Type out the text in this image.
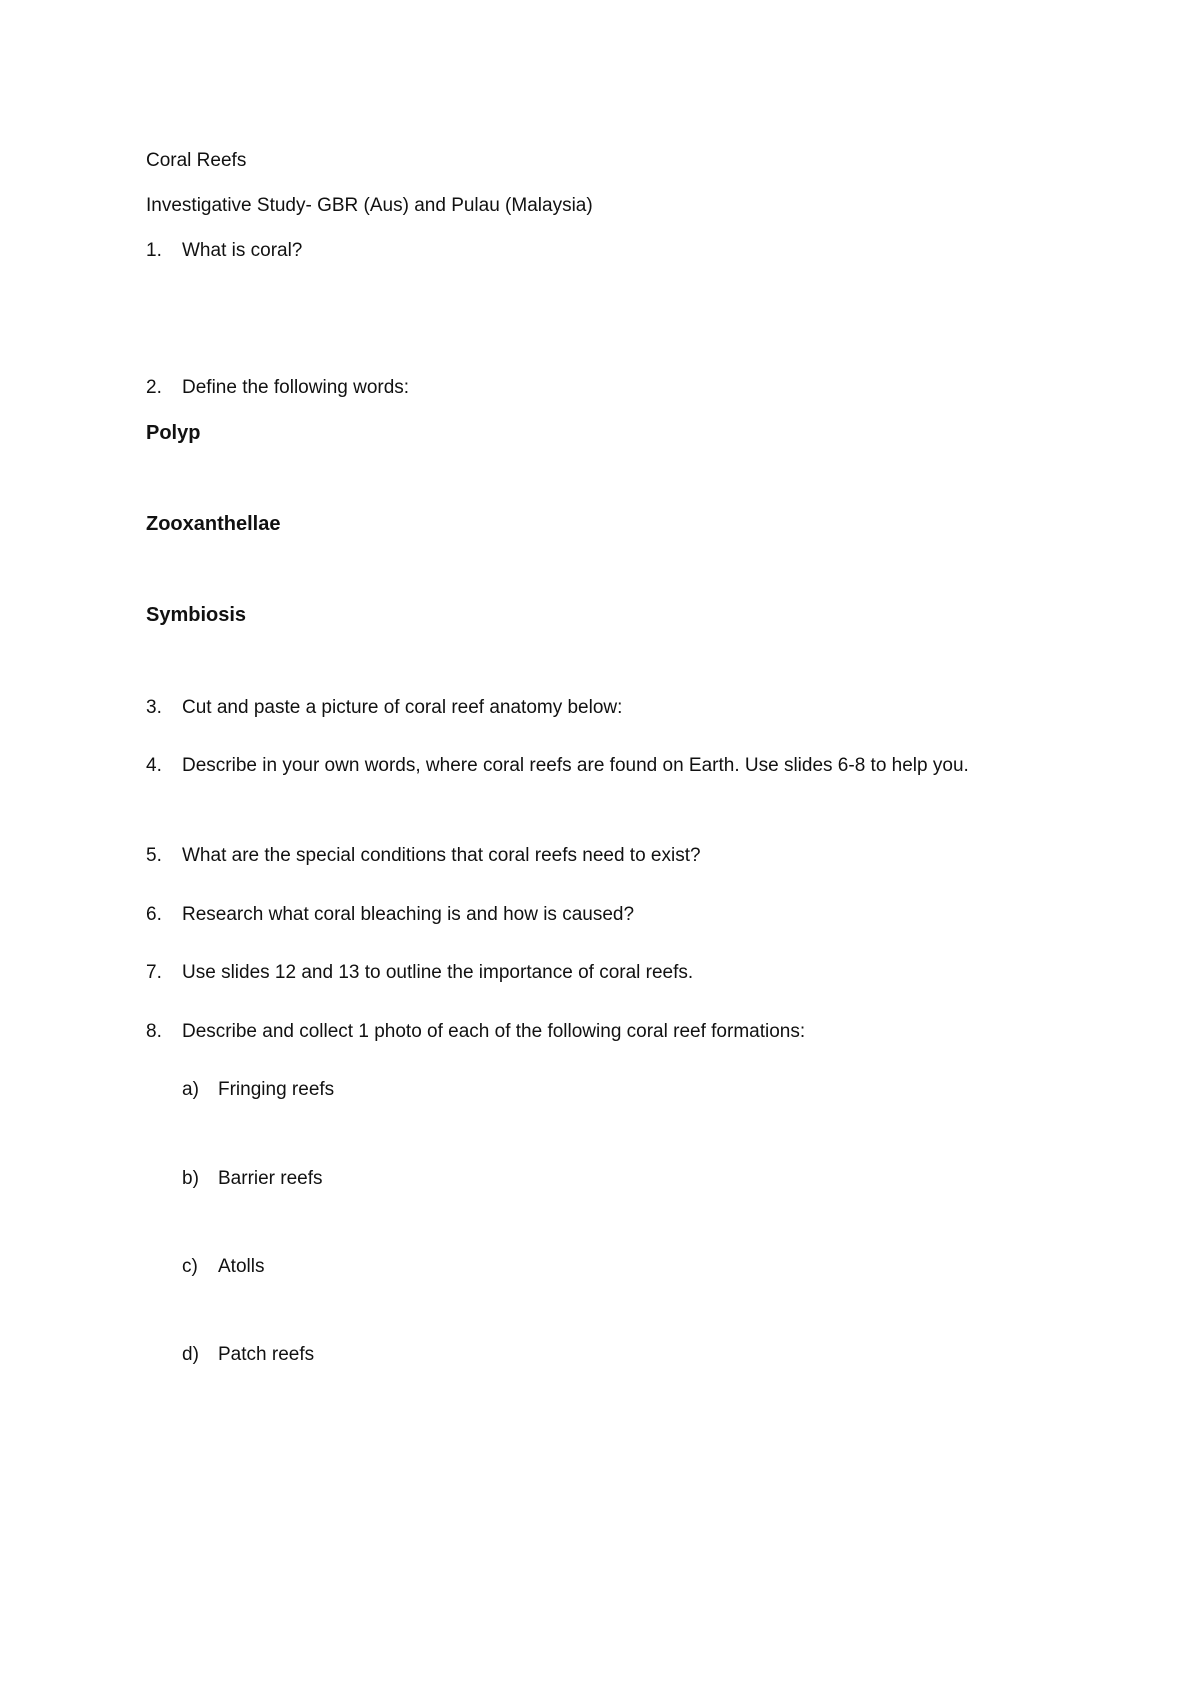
Coral Reefs
Investigative Study- GBR (Aus) and Pulau (Malaysia)
1. What is coral?
2. Define the following words:
Polyp
Zooxanthellae
Symbiosis
3. Cut and paste a picture of coral reef anatomy below:
4. Describe in your own words, where coral reefs are found on Earth. Use slides 6-8 to help you.
5. What are the special conditions that coral reefs need to exist?
6. Research what coral bleaching is and how is caused?
7. Use slides 12 and 13 to outline the importance of coral reefs.
8. Describe and collect 1 photo of each of the following coral reef formations:
a) Fringing reefs
b) Barrier reefs
c) Atolls
d) Patch reefs
